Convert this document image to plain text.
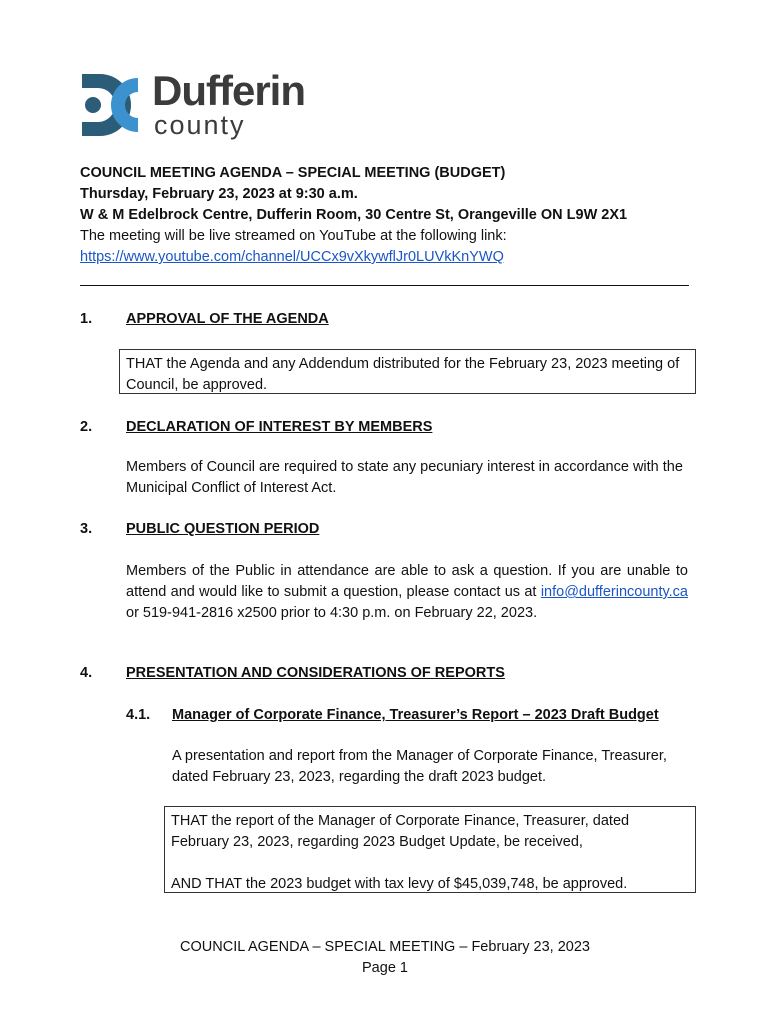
Dufferin
county
COUNCIL MEETING AGENDA – SPECIAL MEETING (BUDGET)
Thursday, February 23, 2023 at 9:30 a.m.
W & M Edelbrock Centre, Dufferin Room, 30 Centre St, Orangeville ON L9W 2X1
The meeting will be live streamed on YouTube at the following link:
https://www.youtube.com/channel/UCCx9vXkywflJr0LUVkKnYWQ
1. APPROVAL OF THE AGENDA
THAT the Agenda and any Addendum distributed for the February 23, 2023 meeting of Council, be approved.
2. DECLARATION OF INTEREST BY MEMBERS
Members of Council are required to state any pecuniary interest in accordance with the Municipal Conflict of Interest Act.
3. PUBLIC QUESTION PERIOD
Members of the Public in attendance are able to ask a question. If you are unable to attend and would like to submit a question, please contact us at info@dufferincounty.ca or 519-941-2816 x2500 prior to 4:30 p.m. on February 22, 2023.
4. PRESENTATION AND CONSIDERATIONS OF REPORTS
4.1. Manager of Corporate Finance, Treasurer’s Report – 2023 Draft Budget
A presentation and report from the Manager of Corporate Finance, Treasurer, dated February 23, 2023, regarding the draft 2023 budget.
THAT the report of the Manager of Corporate Finance, Treasurer, dated February 23, 2023, regarding 2023 Budget Update, be received,
AND THAT the 2023 budget with tax levy of $45,039,748, be approved.
COUNCIL AGENDA – SPECIAL MEETING – February 23, 2023
Page 1
